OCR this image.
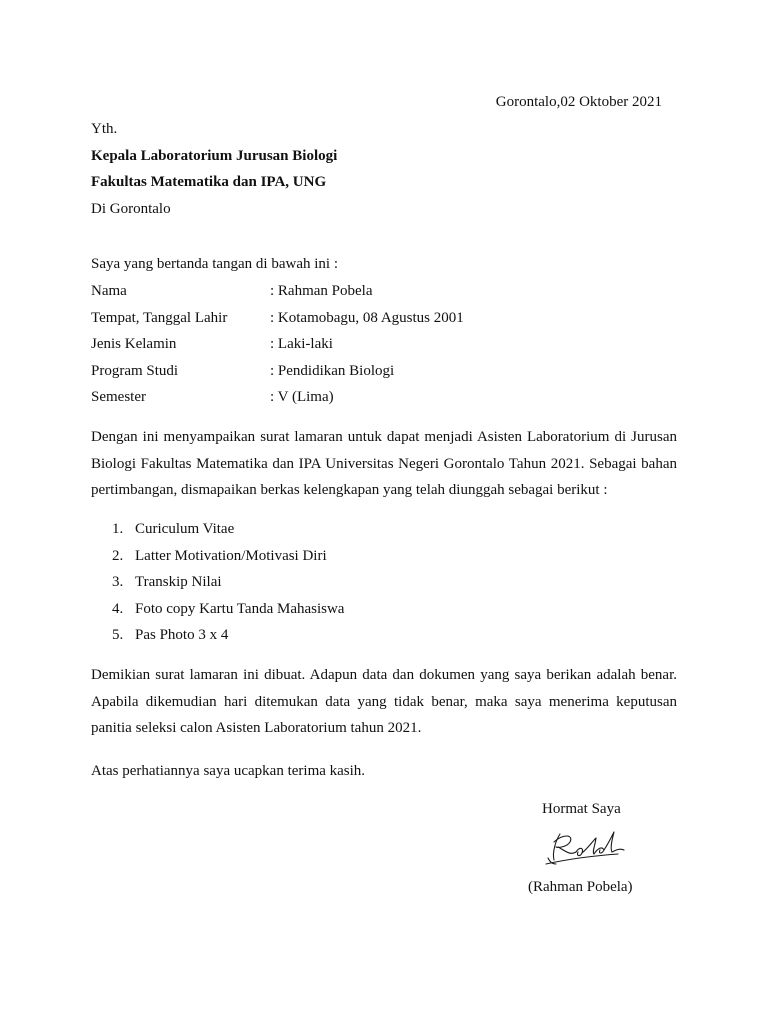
Gorontalo,02 Oktober 2021
Yth.
Kepala Laboratorium Jurusan Biologi
Fakultas Matematika dan IPA, UNG
Di Gorontalo
Saya yang bertanda tangan di bawah ini :
Nama	: Rahman Pobela
Tempat, Tanggal Lahir	: Kotamobagu, 08 Agustus 2001
Jenis Kelamin	: Laki-laki
Program Studi	: Pendidikan Biologi
Semester	: V (Lima)
Dengan ini menyampaikan surat lamaran untuk dapat menjadi Asisten Laboratorium di Jurusan Biologi Fakultas Matematika dan IPA Universitas Negeri Gorontalo Tahun 2021. Sebagai bahan pertimbangan, dismapaikan berkas kelengkapan yang telah diunggah sebagai berikut :
1. Curiculum Vitae
2. Latter Motivation/Motivasi Diri
3. Transkip Nilai
4. Foto copy Kartu Tanda Mahasiswa
5. Pas Photo 3 x 4
Demikian surat lamaran ini dibuat. Adapun data dan dokumen yang saya berikan adalah benar. Apabila dikemudian hari ditemukan data yang tidak benar, maka saya menerima keputusan panitia seleksi calon Asisten Laboratorium tahun 2021.
Atas perhatiannya saya ucapkan terima kasih.
Hormat Saya
(Rahman Pobela)
